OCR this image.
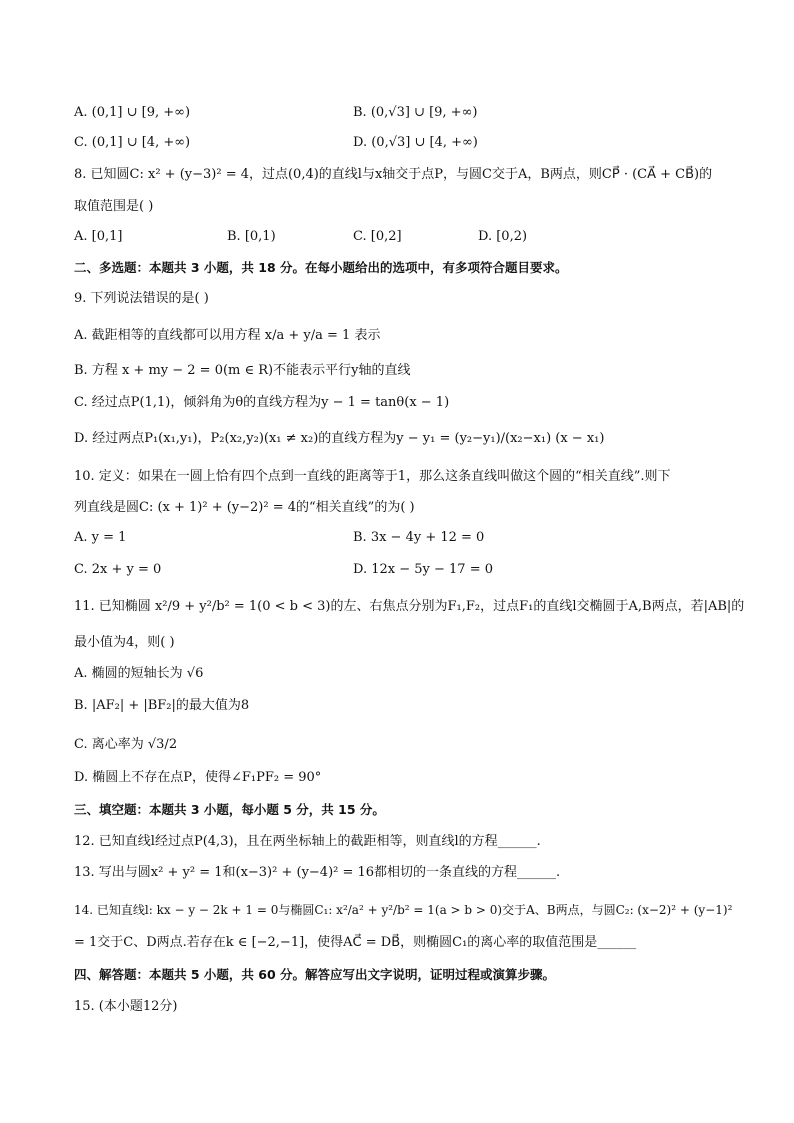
A. (0,1] ∪ [9, +∞)	B. (0,√3] ∪ [9, +∞)
C. (0,1] ∪ [4, +∞)	D. (0,√3] ∪ [4, +∞)
8. 已知圆C: x² + (y−3)² = 4，过点(0,4)的直线l与x轴交于点P，与圆C交于A，B两点，则CP⃗ · (CA⃗ + CB⃗)的
取值范围是( )
A. [0,1]	B. [0,1)	C. [0,2]	D. [0,2)
二、多选题：本题共 3 小题，共 18 分。在每小题给出的选项中，有多项符合题目要求。
9. 下列说法错误的是( )
A. 截距相等的直线都可以用方程 x/a + y/a = 1 表示
B. 方程 x + my − 2 = 0(m ∈ R)不能表示平行y轴的直线
C. 经过点P(1,1)，倾斜角为θ的直线方程为y − 1 = tanθ(x − 1)
D. 经过两点P₁(x₁,y₁)，P₂(x₂,y₂)(x₁ ≠ x₂)的直线方程为y − y₁ = (y₂−y₁)/(x₂−x₁) (x − x₁)
10. 定义：如果在一圆上恰有四个点到一直线的距离等于1，那么这条直线叫做这个圆的“相关直线”.则下
列直线是圆C: (x + 1)² + (y−2)² = 4的“相关直线”的为( )
A. y = 1	B. 3x − 4y + 12 = 0
C. 2x + y = 0	D. 12x − 5y − 17 = 0
11. 已知椭圆 x²/9 + y²/b² = 1(0 < b < 3)的左、右焦点分别为F₁,F₂，过点F₁的直线l交椭圆于A,B两点，若|AB|的
最小值为4，则( )
A. 椭圆的短轴长为 √6
B. |AF₂| + |BF₂|的最大值为8
C. 离心率为 √3/2
D. 椭圆上不存在点P，使得∠F₁PF₂ = 90°
三、填空题：本题共 3 小题，每小题 5 分，共 15 分。
12. 已知直线l经过点P(4,3)，且在两坐标轴上的截距相等，则直线l的方程______.
13. 写出与圆x² + y² = 1和(x−3)² + (y−4)² = 16都相切的一条直线的方程______.
14. 已知直线l: kx − y − 2k + 1 = 0与椭圆C₁: x²/a² + y²/b² = 1(a > b > 0)交于A、B两点，与圆C₂: (x−2)² + (y−1)²
= 1交于C、D两点.若存在k ∈ [−2,−1]，使得AC⃗ = DB⃗，则椭圆C₁的离心率的取值范围是______
四、解答题：本题共 5 小题，共 60 分。解答应写出文字说明，证明过程或演算步骤。
15. (本小题12分)
